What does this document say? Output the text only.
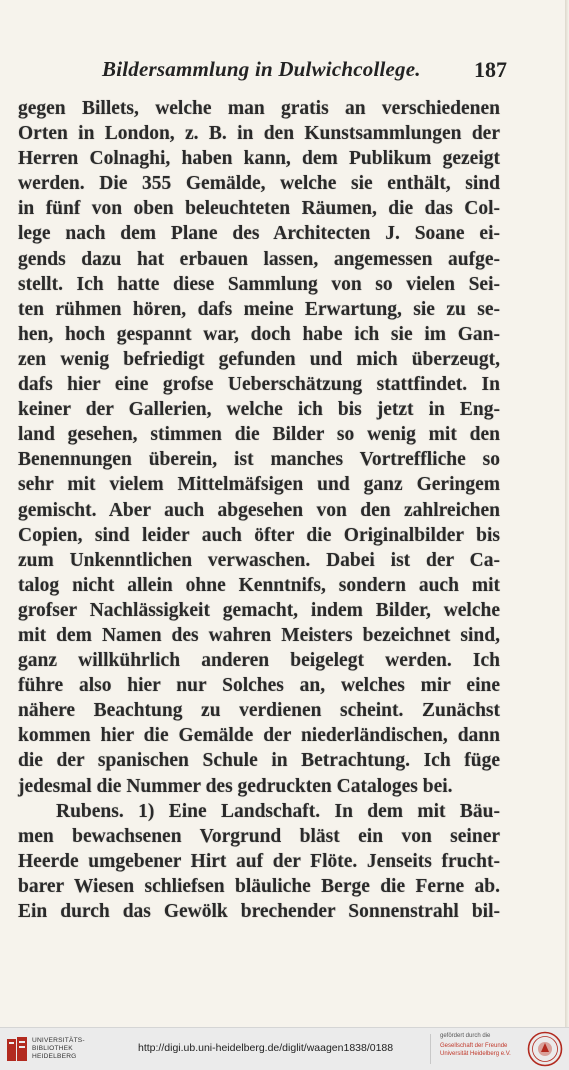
Bildersammlung in Dulwichcollege. 187
gegen Billets, welche man gratis an verschiedenen
Orten in London, z. B. in den Kunstsammlungen der
Herren Colnaghi, haben kann, dem Publikum gezeigt
werden. Die 355 Gemälde, welche sie enthält, sind
in fünf von oben beleuchteten Räumen, die das Col-
lege nach dem Plane des Architecten J. Soane ei-
gends dazu hat erbauen lassen, angemessen aufge-
stellt. Ich hatte diese Sammlung von so vielen Sei-
ten rühmen hören, dafs meine Erwartung, sie zu se-
hen, hoch gespannt war, doch habe ich sie im Gan-
zen wenig befriedigt gefunden und mich überzeugt,
dafs hier eine grofse Ueberschätzung stattfindet. In
keiner der Gallerien, welche ich bis jetzt in Eng-
land gesehen, stimmen die Bilder so wenig mit den
Benennungen überein, ist manches Vortreffliche so
sehr mit vielem Mittelmäfsigen und ganz Geringem
gemischt. Aber auch abgesehen von den zahlreichen
Copien, sind leider auch öfter die Originalbilder bis
zum Unkenntlichen verwaschen. Dabei ist der Ca-
talog nicht allein ohne Kenntnifs, sondern auch mit
grofser Nachlässigkeit gemacht, indem Bilder, welche
mit dem Namen des wahren Meisters bezeichnet sind,
ganz willkührlich anderen beigelegt werden. Ich
führe also hier nur Solches an, welches mir eine
nähere Beachtung zu verdienen scheint. Zunächst
kommen hier die Gemälde der niederländischen, dann
die der spanischen Schule in Betrachtung. Ich füge
jedesmal die Nummer des gedruckten Cataloges bei.
Rubens. 1) Eine Landschaft. In dem mit Bäu-
men bewachsenen Vorgrund bläst ein von seiner
Heerde umgebener Hirt auf der Flöte. Jenseits frucht-
barer Wiesen schliefsen bläuliche Berge die Ferne ab.
Ein durch das Gewölk brechender Sonnenstrahl bil-
UNIVERSITÄTS-
BIBLIOTHEK
HEIDELBERG
http://digi.ub.uni-heidelberg.de/diglit/waagen1838/0188
gefördert durch die
Gesellschaft der Freunde
Universität Heidelberg e.V.
